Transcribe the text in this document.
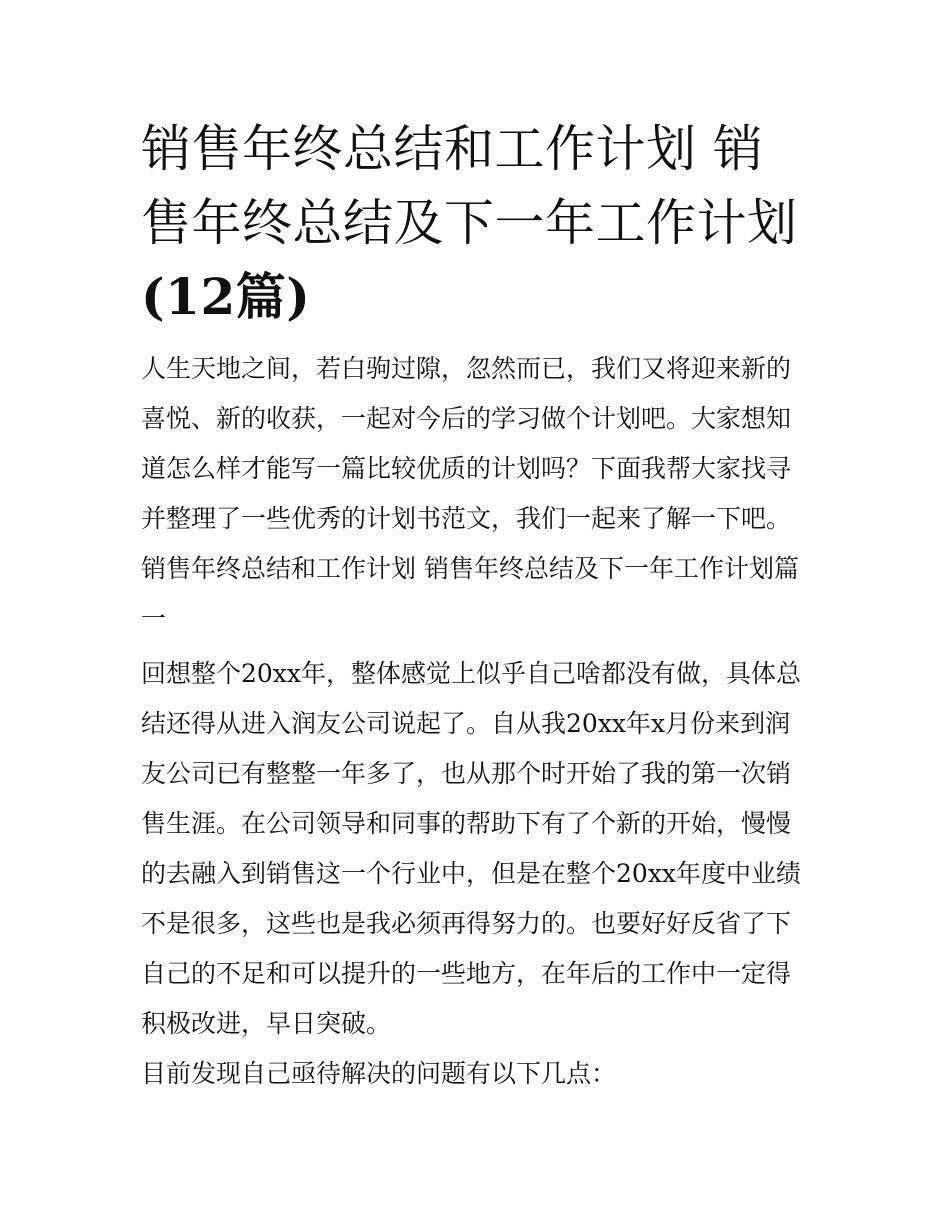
销售年终总结和工作计划 销售年终总结及下一年工作计划(12篇)

人生天地之间，若白驹过隙，忽然而已，我们又将迎来新的喜悦、新的收获，一起对今后的学习做个计划吧。大家想知道怎么样才能写一篇比较优质的计划吗？下面我帮大家找寻并整理了一些优秀的计划书范文，我们一起来了解一下吧。

销售年终总结和工作计划 销售年终总结及下一年工作计划篇一

回想整个20xx年，整体感觉上似乎自己啥都没有做，具体总结还得从进入润友公司说起了。自从我20xx年x月份来到润友公司已有整整一年多了，也从那个时开始了我的第一次销售生涯。在公司领导和同事的帮助下有了个新的开始，慢慢的去融入到销售这一个行业中，但是在整个20xx年度中业绩不是很多，这些也是我必须再得努力的。也要好好反省了下自己的不足和可以提升的一些地方，在年后的工作中一定得积极改进，早日突破。

目前发现自己亟待解决的问题有以下几点：
